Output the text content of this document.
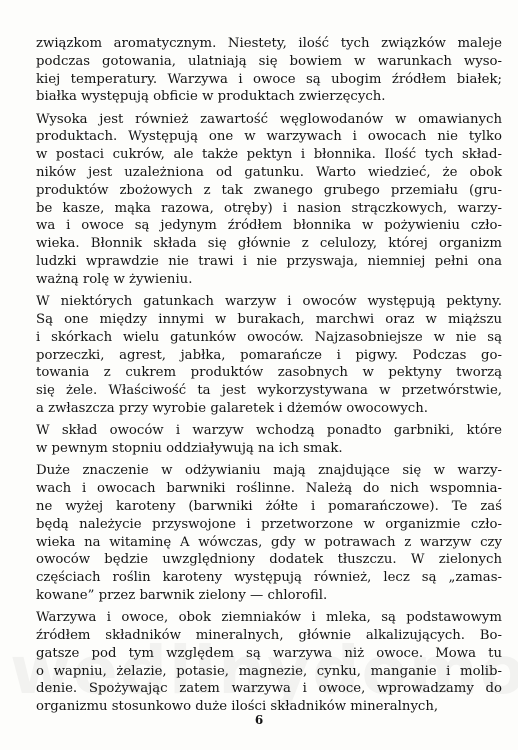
związkom aromatycznym. Niestety, ilość tych związków maleje
podczas gotowania, ulatniają się bowiem w warunkach wyso-
kiej temperatury. Warzywa i owoce są ubogim źródłem białek;
białka występują obficie w produktach zwierzęcych.
Wysoka jest również zawartość węglowodanów w omawianych
produktach. Występują one w warzywach i owocach nie tylko
w postaci cukrów, ale także pektyn i błonnika. Ilość tych skład-
ników jest uzależniona od gatunku. Warto wiedzieć, że obok
produktów zbożowych z tak zwanego grubego przemiału (gru-
be kasze, mąka razowa, otręby) i nasion strączkowych, warzy-
wa i owoce są jedynym źródłem błonnika w pożywieniu czło-
wieka. Błonnik składa się głównie z celulozy, której organizm
ludzki wprawdzie nie trawi i nie przyswaja, niemniej pełni ona
ważną rolę w żywieniu.
W niektórych gatunkach warzyw i owoców występują pektyny.
Są one między innymi w burakach, marchwi oraz w miąższu
i skórkach wielu gatunków owoców. Najzasobniejsze w nie są
porzeczki, agrest, jabłka, pomarańcze i pigwy. Podczas go-
towania z cukrem produktów zasobnych w pektyny tworzą
się żele. Właściwość ta jest wykorzystywana w przetwórstwie,
a zwłaszcza przy wyrobie galaretek i dżemów owocowych.
W skład owoców i warzyw wchodzą ponadto garbniki, które
w pewnym stopniu oddziaływują na ich smak.
Duże znaczenie w odżywianiu mają znajdujące się w warzy-
wach i owocach barwniki roślinne. Należą do nich wspomnia-
ne wyżej karoteny (barwniki żółte i pomarańczowe). Te zaś
będą należycie przyswojone i przetworzone w organizmie czło-
wieka na witaminę A wówczas, gdy w potrawach z warzyw czy
owoców będzie uwzględniony dodatek tłuszczu. W zielonych
częściach roślin karoteny występują również, lecz są „zamas-
kowane” przez barwnik zielony — chlorofil.
Warzywa i owoce, obok ziemniaków i mleka, są podstawowym
źródłem składników mineralnych, głównie alkalizujących. Bo-
gatsze pod tym względem są warzywa niż owoce. Mowa tu
o wapniu, żelazie, potasie, magnezie, cynku, manganie i molib-
denie. Spożywając zatem warzywa i owoce, wprowadzamy do
organizmu stosunkowo duże ilości składników mineralnych,
6
